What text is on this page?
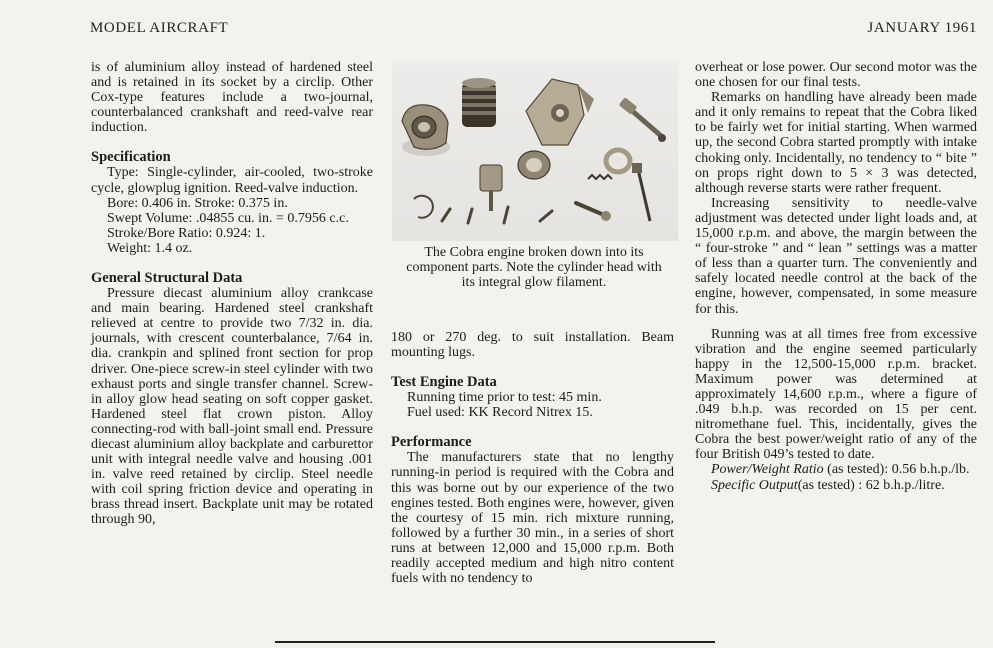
MODEL AIRCRAFT	JANUARY 1961

is of aluminium alloy instead of hardened steel and is retained in its socket by a circlip. Other Cox-type features include a two-journal, counterbalanced crankshaft and reed-valve rear induction.

Specification

Type: Single-cylinder, air-cooled, two-stroke cycle, glowplug ignition. Reed-valve induction.

Bore: 0.406 in. Stroke: 0.375 in.

Swept Volume: .04855 cu. in. = 0.7956 c.c.

Stroke/Bore Ratio: 0.924: 1.

Weight: 1.4 oz.

General Structural Data

Pressure diecast aluminium alloy crankcase and main bearing. Hardened steel crankshaft relieved at centre to provide two 7/32 in. dia. journals, with crescent counterbalance, 7/64 in. dia. crankpin and splined front section for prop driver. One-piece screw-in steel cylinder with two exhaust ports and single transfer channel. Screw-in alloy glow head seating on soft copper gasket. Hardened steel flat crown piston. Alloy connecting-rod with ball-joint small end. Pressure diecast aluminium alloy backplate and carburettor unit with integral needle valve and housing .001 in. valve reed retained by circlip. Steel needle with coil spring friction device and operating in brass thread insert. Backplate unit may be rotated through 90,

The Cobra engine broken down into its component parts. Note the cylinder head with its integral glow filament.

180 or 270 deg. to suit installation. Beam mounting lugs.

Test Engine Data

Running time prior to test: 45 min.

Fuel used: KK Record Nitrex 15.

Performance

The manufacturers state that no lengthy running-in period is required with the Cobra and this was borne out by our experience of the two engines tested. Both engines were, however, given the courtesy of 15 min. rich mixture running, followed by a further 30 min., in a series of short runs at between 12,000 and 15,000 r.p.m. Both readily accepted medium and high nitro content fuels with no tendency to

overheat or lose power. Our second motor was the one chosen for our final tests.

Remarks on handling have already been made and it only remains to repeat that the Cobra liked to be fairly wet for initial starting. When warmed up, the second Cobra started promptly with intake choking only. Incidentally, no tendency to “ bite ” on props right down to 5 × 3 was detected, although reverse starts were rather frequent.

Increasing sensitivity to needle-valve adjustment was detected under light loads and, at 15,000 r.p.m. and above, the margin between the “ four-stroke ” and “ lean ” settings was a matter of less than a quarter turn. The conveniently and safely located needle control at the back of the engine, however, compensated, in some measure for this.

Running was at all times free from excessive vibration and the engine seemed particularly happy in the 12,500-15,000 r.p.m. bracket. Maximum power was determined at approximately 14,600 r.p.m., where a figure of .049 b.h.p. was recorded on 15 per cent. nitromethane fuel. This, incidentally, gives the Cobra the best power/weight ratio of any of the four British 049’s tested to date.

Power/Weight Ratio (as tested): 0.56 b.h.p./lb.

Specific Output(as tested) : 62 b.h.p./litre.
